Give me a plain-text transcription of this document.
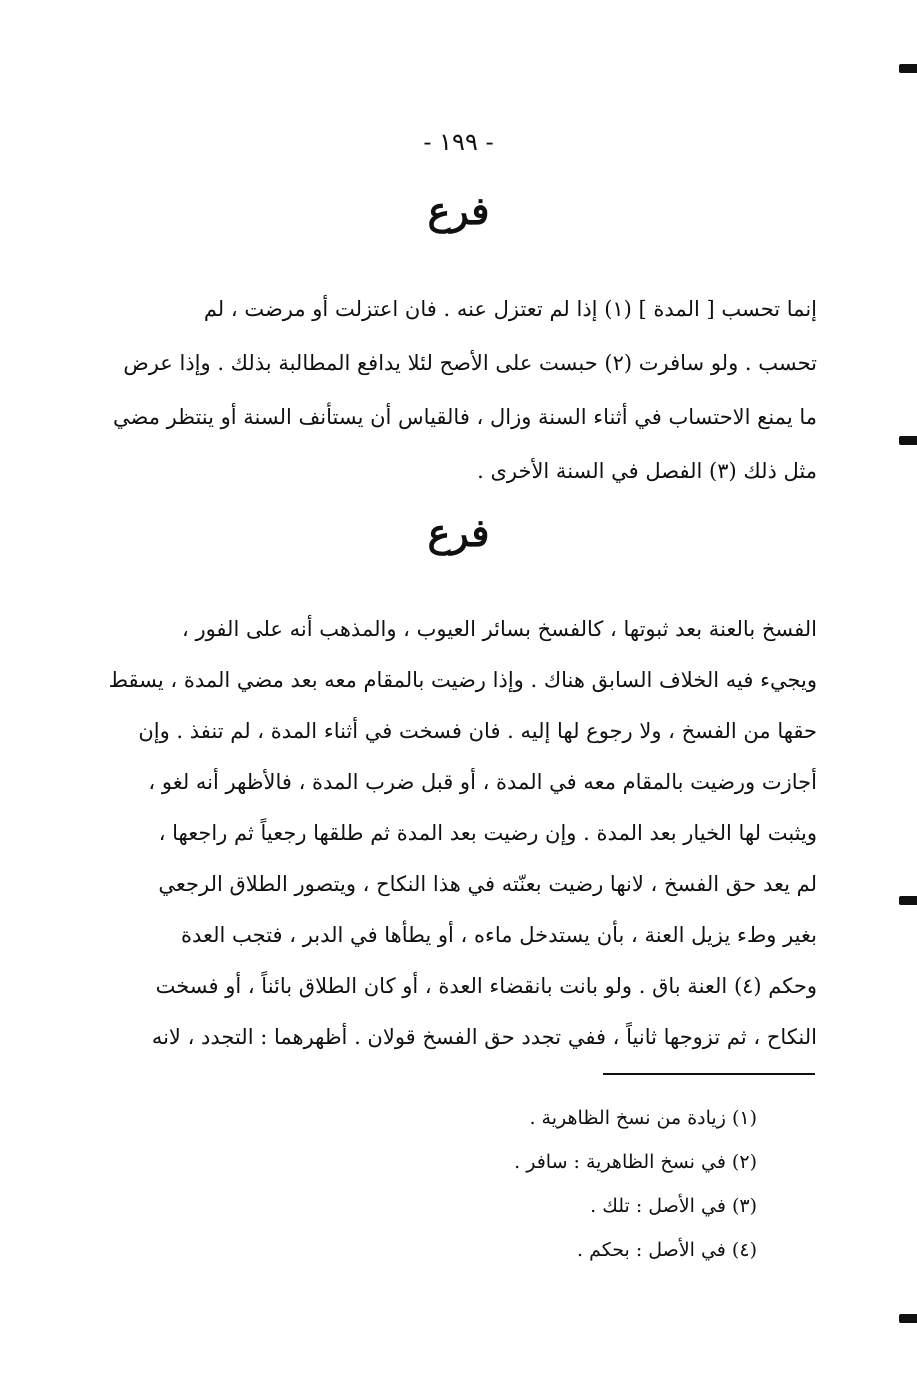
- ١٩٩ -
فرع
إنما تحسب [ المدة ] (١) إذا لم تعتزل عنه . فان اعتزلت أو مرضت ، لم
تحسب . ولو سافرت (٢) حبست على الأصح لئلا يدافع المطالبة بذلك . وإذا عرض
ما يمنع الاحتساب في أثناء السنة وزال ، فالقياس أن يستأنف السنة أو ينتظر مضي
مثل ذلك (٣) الفصل في السنة الأخرى .
فرع
الفسخ بالعنة بعد ثبوتها ، كالفسخ بسائر العيوب ، والمذهب أنه على الفور ،
ويجيء فيه الخلاف السابق هناك . وإذا رضيت بالمقام معه بعد مضي المدة ، يسقط
حقها من الفسخ ، ولا رجوع لها إليه . فان فسخت في أثناء المدة ، لم تنفذ . وإن
أجازت ورضيت بالمقام معه في المدة ، أو قبل ضرب المدة ، فالأظهر أنه لغو ،
ويثبت لها الخيار بعد المدة . وإن رضيت بعد المدة ثم طلقها رجعياً ثم راجعها ،
لم يعد حق الفسخ ، لانها رضيت بعنّته في هذا النكاح ، ويتصور الطلاق الرجعي
بغير وطء يزيل العنة ، بأن يستدخل ماءه ، أو يطأها في الدبر ، فتجب العدة
وحكم (٤) العنة باق . ولو بانت بانقضاء العدة ، أو كان الطلاق بائناً ، أو فسخت
النكاح ، ثم تزوجها ثانياً ، ففي تجدد حق الفسخ قولان . أظهرهما : التجدد ، لانه
(١) زيادة من نسخ الظاهرية .
(٢) في نسخ الظاهرية : سافر .
(٣) في الأصل : تلك .
(٤) في الأصل : بحكم .
